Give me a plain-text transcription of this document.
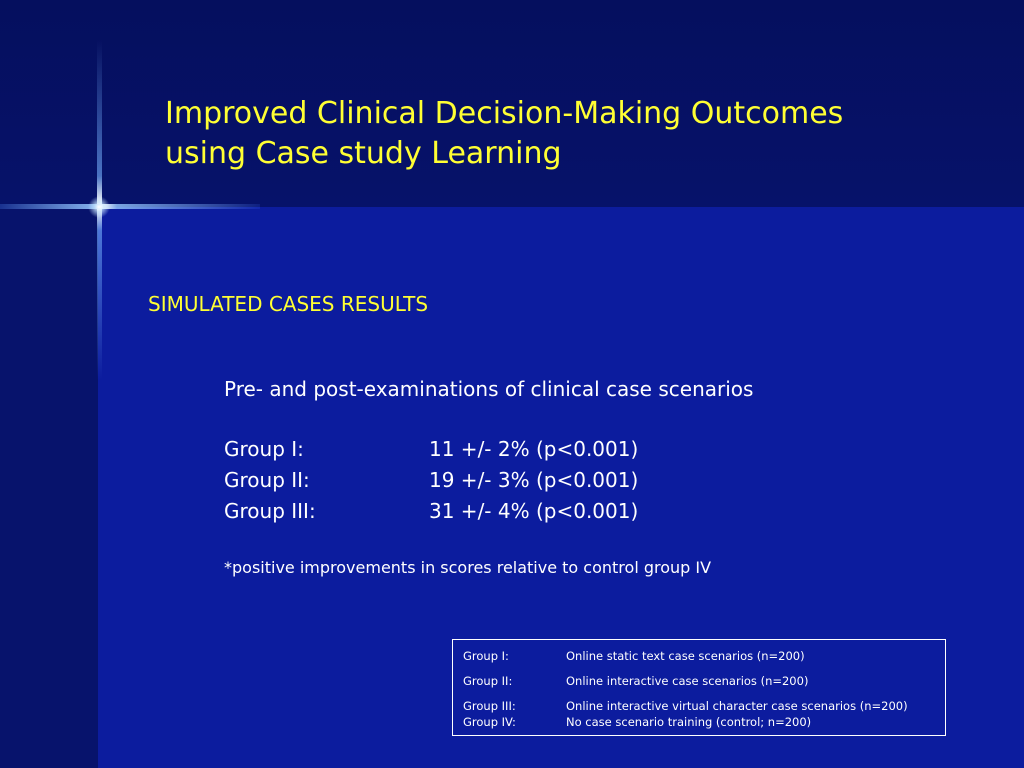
Improved Clinical Decision-Making Outcomes
using Case study Learning
SIMULATED CASES RESULTS
Pre- and post-examinations of clinical case scenarios
Group I:	11 +/- 2% (p<0.001)
Group II:	19 +/- 3% (p<0.001)
Group III:	31 +/- 4% (p<0.001)
*positive improvements in scores relative to control group IV
Group I:	Online static text case scenarios (n=200)
Group II:	Online interactive case scenarios (n=200)
Group III:	Online interactive virtual character case scenarios (n=200)
Group IV:	No case scenario training (control; n=200)
